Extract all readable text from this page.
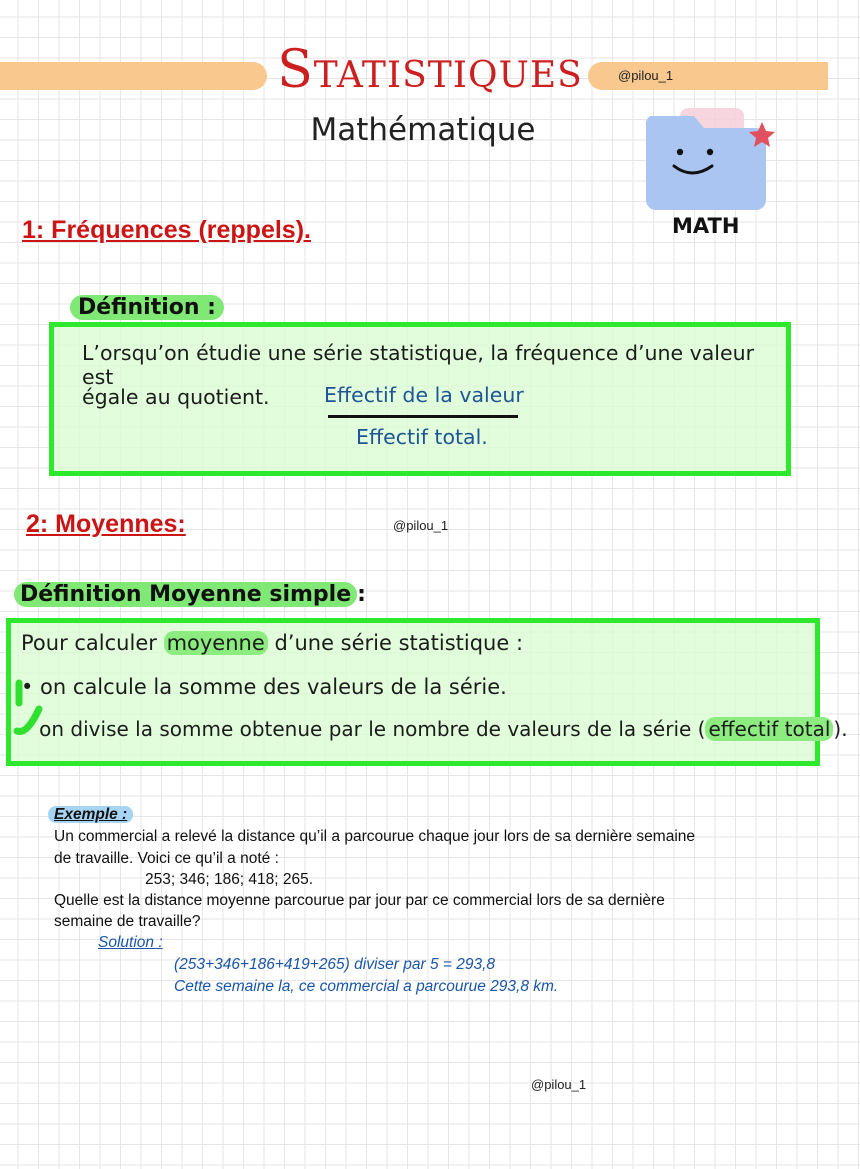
Statistiques	@pilou_1
Mathématique
MATH
1: Fréquences (reppels).
Définition :
L’orsqu’on étudie une série statistique, la fréquence d’une valeur est
égale au quotient.	Effectif de la valeur
Effectif total.
2: Moyennes:	@pilou_1
Définition Moyenne simple :
Pour calculer moyenne d’une série statistique :
• on calcule la somme des valeurs de la série.
• on divise la somme obtenue par le nombre de valeurs de la série ( effectif total ).
Exemple :
Un commercial a relevé la distance qu’il a parcourue chaque jour lors de sa dernière semaine
de travaille. Voici ce qu’il a noté :
253; 346; 186; 418; 265.
Quelle est la distance moyenne parcourue par jour par ce commercial lors de sa dernière
semaine de travaille?
Solution :
(253+346+186+419+265) diviser par 5 = 293,8
Cette semaine la, ce commercial a parcourue 293,8 km.
@pilou_1
